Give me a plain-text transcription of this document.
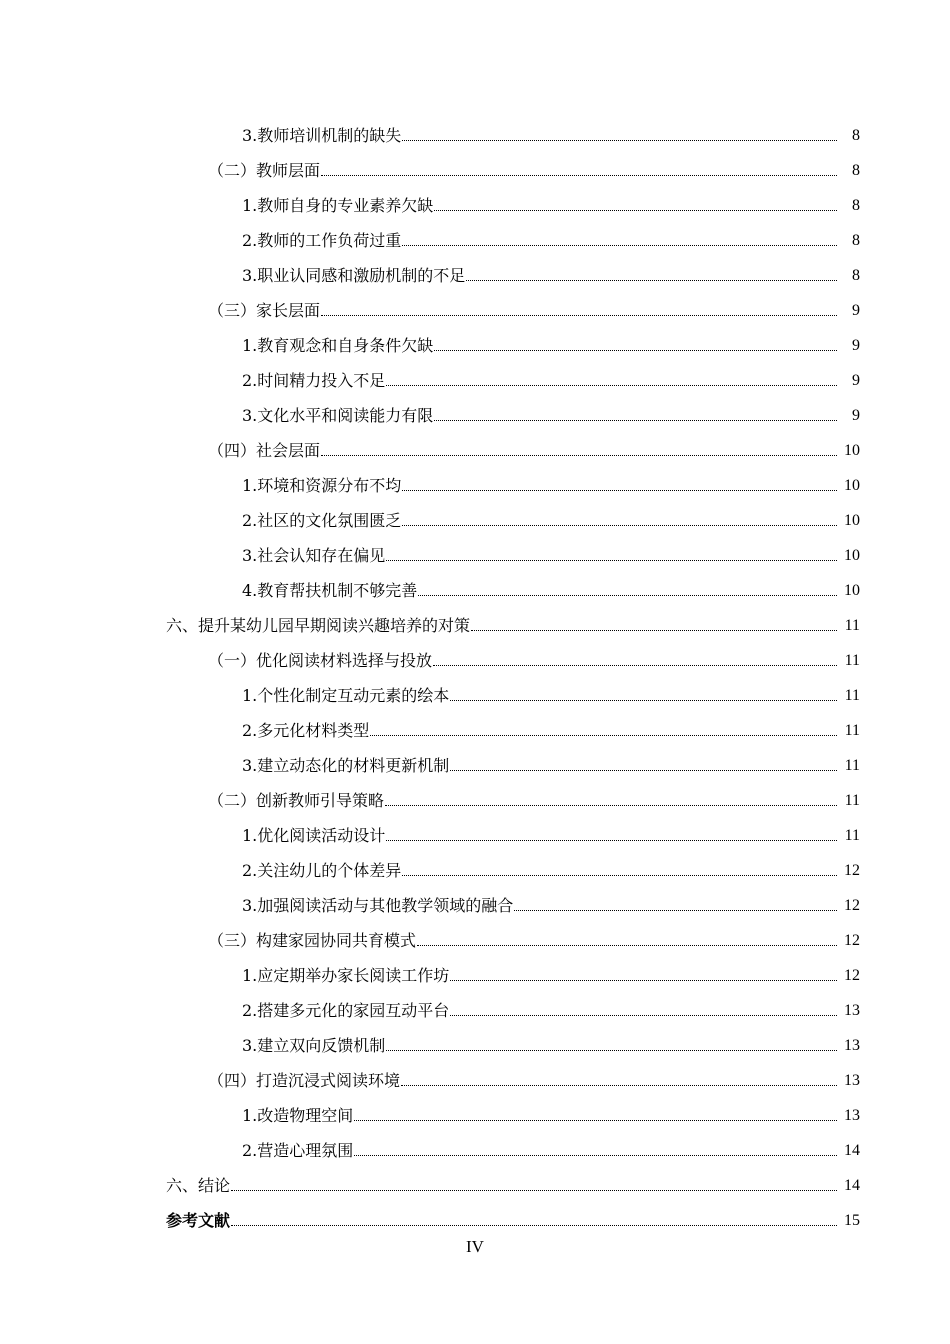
3.教师培训机制的缺失	8
（二）教师层面	8
1.教师自身的专业素养欠缺	8
2.教师的工作负荷过重	8
3.职业认同感和激励机制的不足	8
（三）家长层面	9
1.教育观念和自身条件欠缺	9
2.时间精力投入不足	9
3.文化水平和阅读能力有限	9
（四）社会层面	10
1.环境和资源分布不均	10
2.社区的文化氛围匮乏	10
3.社会认知存在偏见	10
4.教育帮扶机制不够完善	10
六、提升某幼儿园早期阅读兴趣培养的对策	11
（一）优化阅读材料选择与投放	11
1.个性化制定互动元素的绘本	11
2.多元化材料类型	11
3.建立动态化的材料更新机制	11
（二）创新教师引导策略	11
1.优化阅读活动设计	11
2.关注幼儿的个体差异	12
3.加强阅读活动与其他教学领域的融合	12
（三）构建家园协同共育模式	12
1.应定期举办家长阅读工作坊	12
2.搭建多元化的家园互动平台	13
3.建立双向反馈机制	13
（四）打造沉浸式阅读环境	13
1.改造物理空间	13
2.营造心理氛围	14
六、结论	14
参考文献	15
IV
